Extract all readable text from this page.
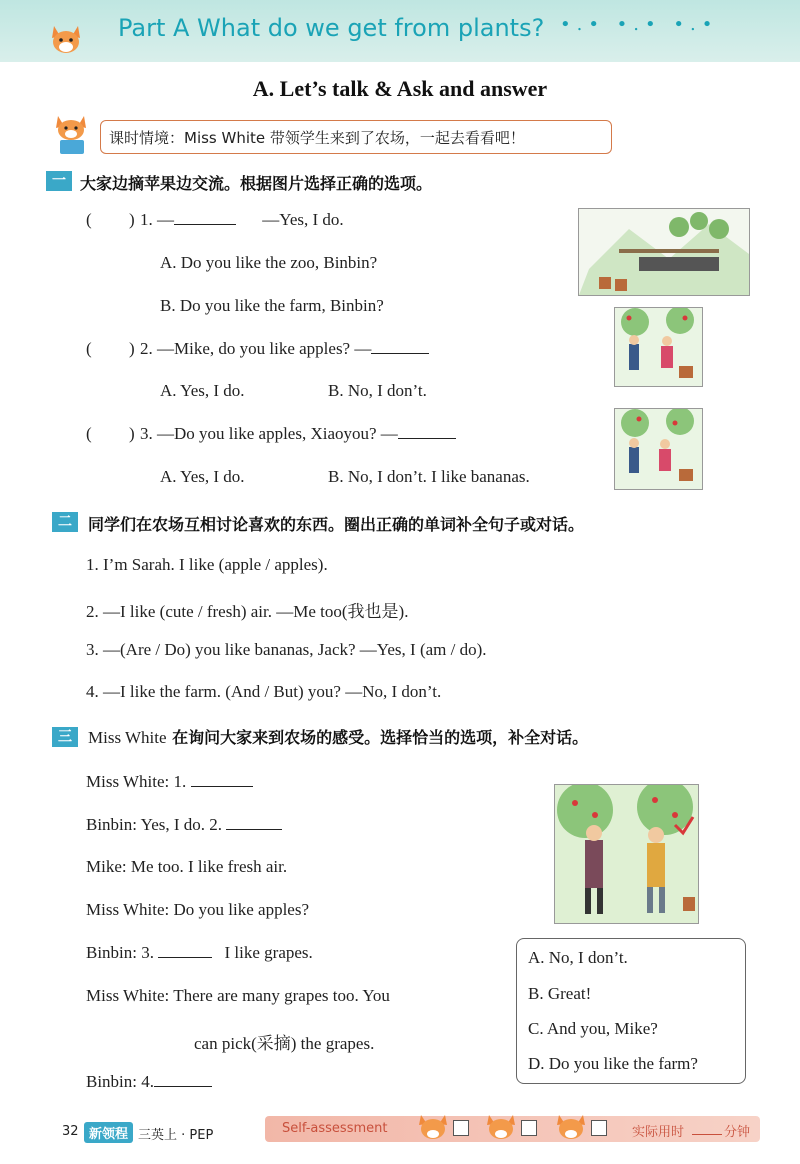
Part A What do we get from plants? •.• •.• •.•
A. Let’s talk & Ask and answer
课时情境：Miss White 带领学生来到了农场，一起去看看吧！
一 大家边摘苹果边交流。根据图片选择正确的选项。
( ) 1. —	—Yes, I do.
A. Do you like the zoo, Binbin?
B. Do you like the farm, Binbin?
( ) 2. —Mike, do you like apples? —
A. Yes, I do.	B. No, I don’t.
( ) 3. —Do you like apples, Xiaoyou? —
A. Yes, I do.	B. No, I don’t. I like bananas.
二	同学们在农场互相讨论喜欢的东西。圈出正确的单词补全句子或对话。
1. I’m Sarah. I like (apple / apples).
2. —I like (cute / fresh) air. —Me too(我也是).
3. —(Are / Do) you like bananas, Jack? —Yes, I (am / do).
4. —I like the farm. (And / But) you? —No, I don’t.
三 Miss White 在询问大家来到农场的感受。选择恰当的选项，补全对话。
Miss White: 1.
Binbin: Yes, I do. 2.
Mike: Me too. I like fresh air.
Miss White: Do you like apples?
Binbin: 3.	I like grapes.
Miss White: There are many grapes too. You
can pick(采摘) the grapes.
Binbin: 4.
A. No, I don’t.
B. Great!
C. And you, Mike?
D. Do you like the farm?
32 新领程 三英上 · PEP	Self-assessment	实际用时	分钟
